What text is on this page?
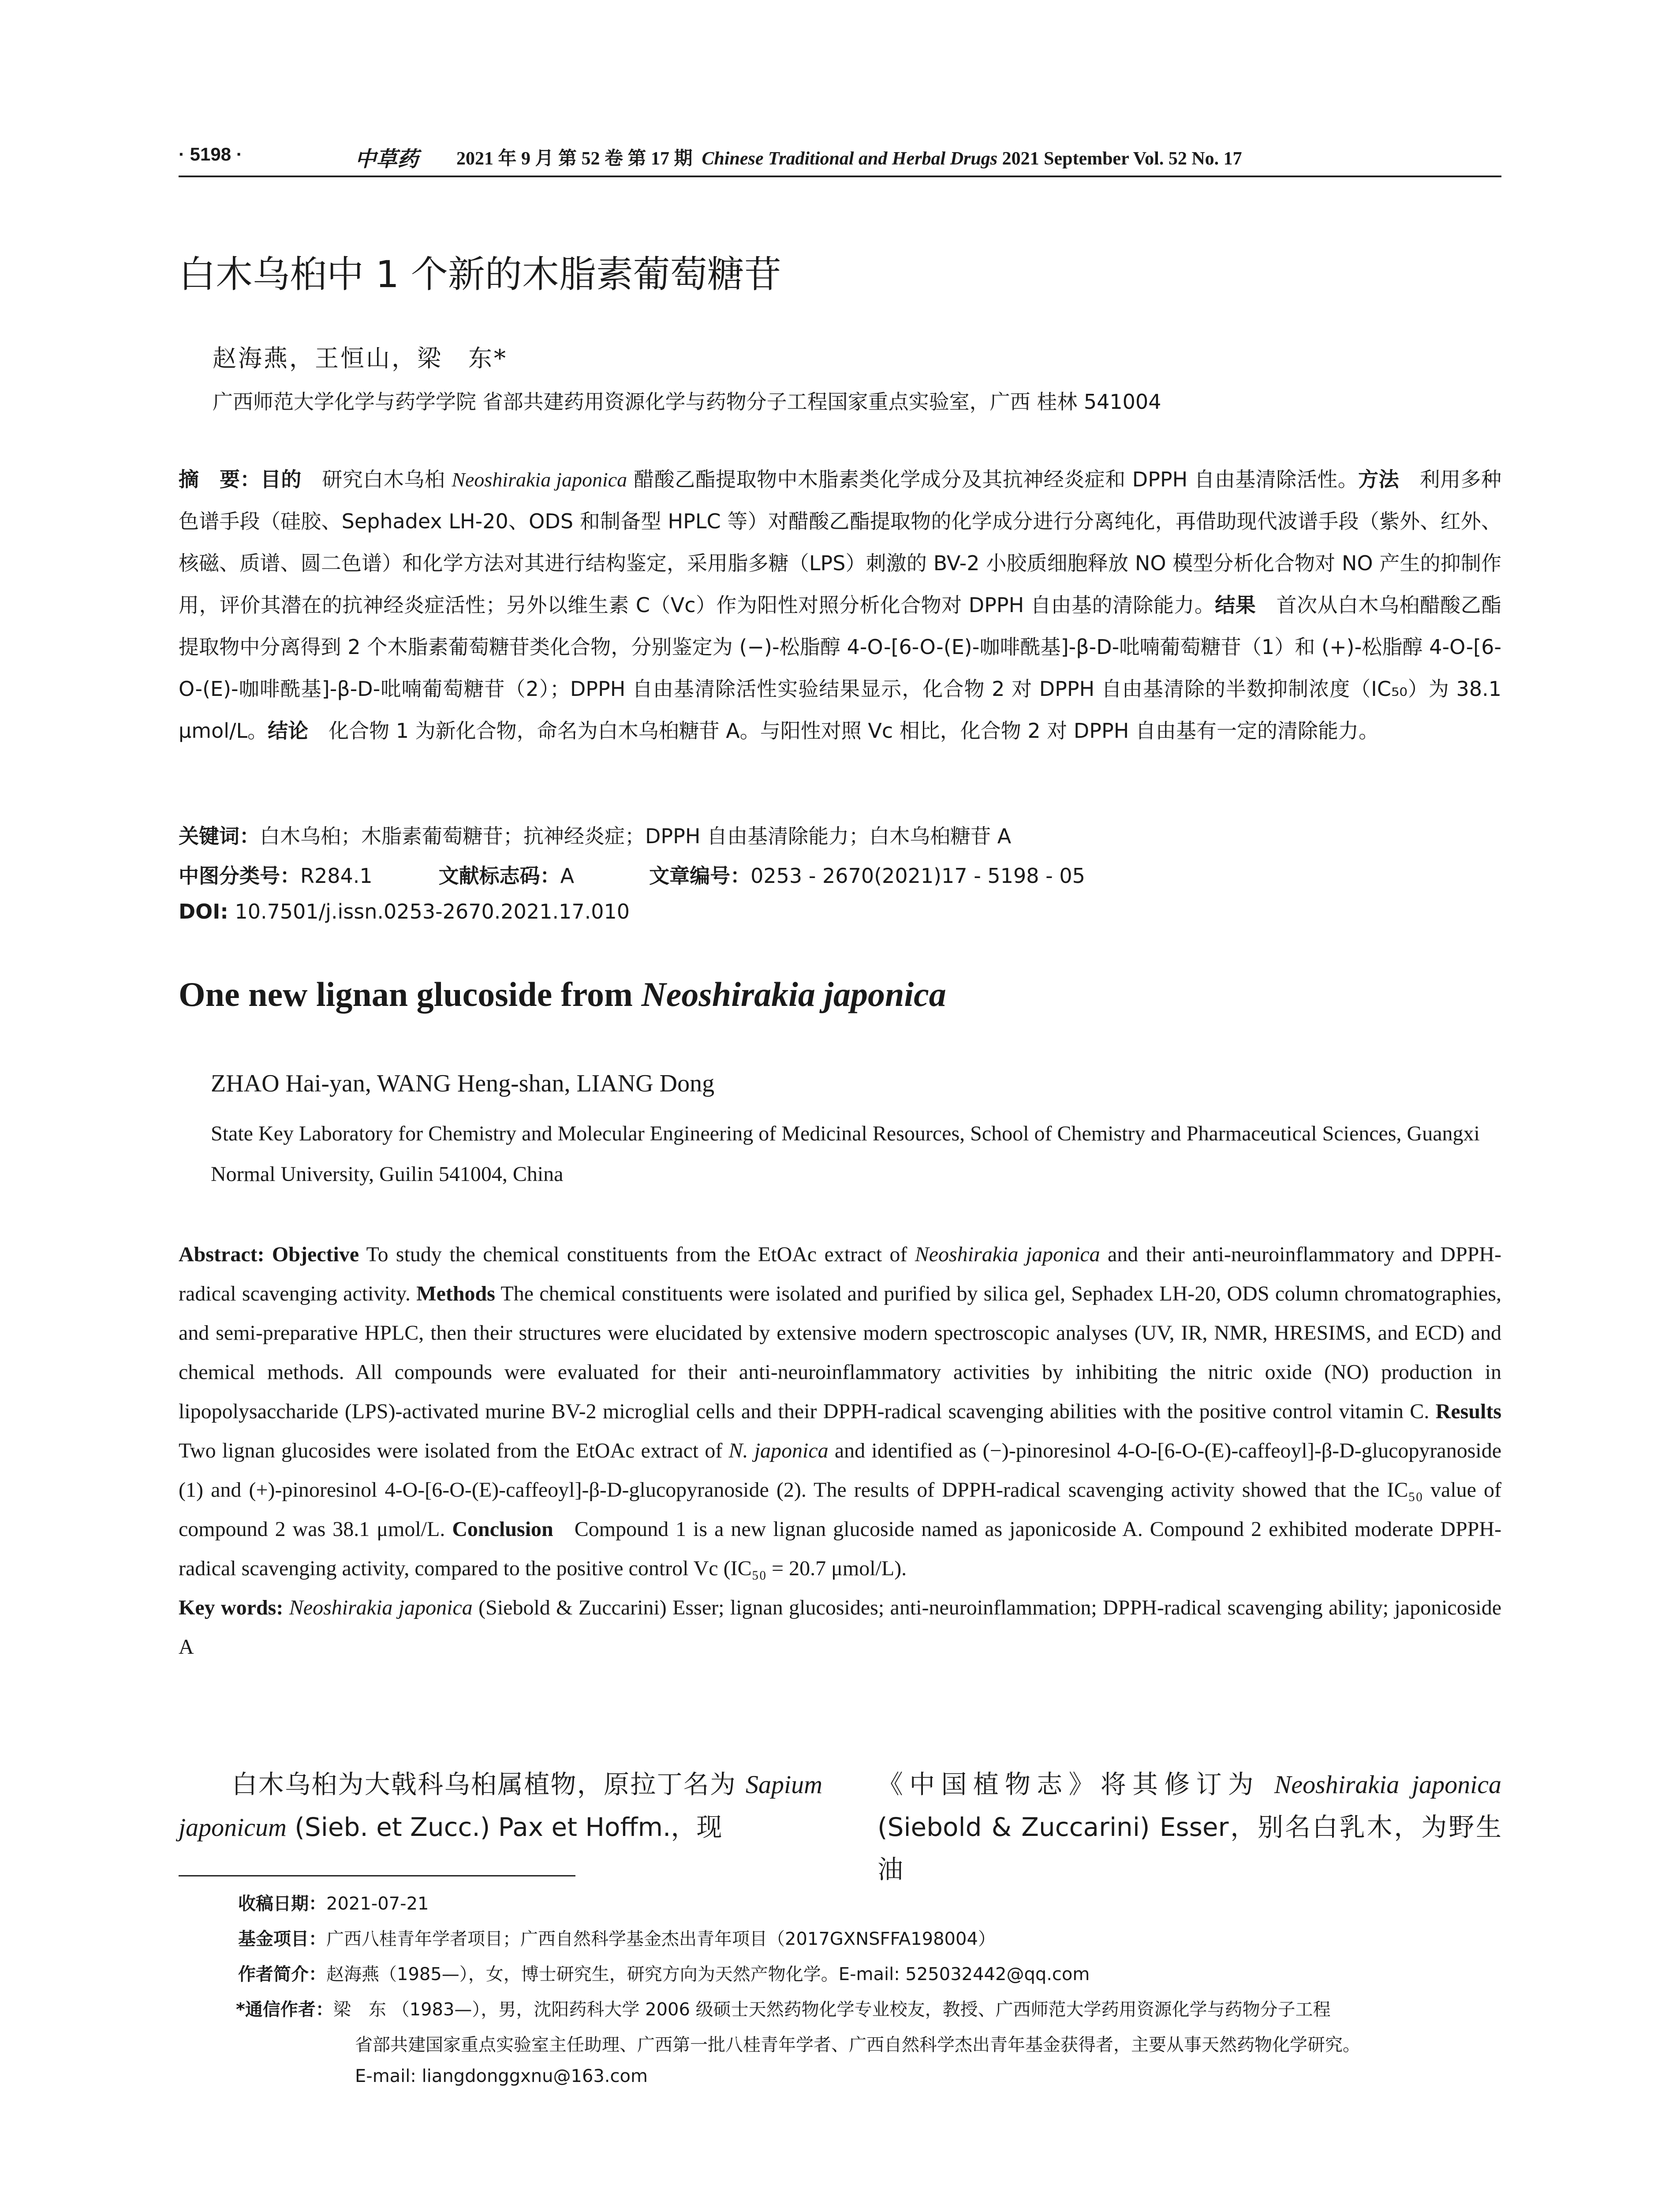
· 5198 ·	中草药 2021 年 9 月 第 52 卷 第 17 期 Chinese Traditional and Herbal Drugs 2021 September Vol. 52 No. 17
白木乌桕中 1 个新的木脂素葡萄糖苷
赵海燕，王恒山，梁　东*
广西师范大学化学与药学学院 省部共建药用资源化学与药物分子工程国家重点实验室，广西 桂林 541004
摘　要：目的　 研究白木乌桕 Neoshirakia japonica 醋酸乙酯提取物中木脂素类化学成分及其抗神经炎症和 DPPH 自由基清除活性。方法　 利用多种色谱手段（硅胶、Sephadex LH-20、ODS 和制备型 HPLC 等）对醋酸乙酯提取物的化学成分进行分离纯化，再借助现代波谱手段（紫外、红外、核磁、质谱、圆二色谱）和化学方法对其进行结构鉴定，采用脂多糖（LPS）刺激的 BV-2 小胶质细胞释放 NO 模型分析化合物对 NO 产生的抑制作用，评价其潜在的抗神经炎症活性；另外以维生素 C（Vc）作为阳性对照分析化合物对 DPPH 自由基的清除能力。结果　 首次从白木乌桕醋酸乙酯提取物中分离得到 2 个木脂素葡萄糖苷类化合物，分别鉴定为 (−)-松脂醇 4-O-[6-O-(E)-咖啡酰基]-β-D-吡喃葡萄糖苷（1）和 (+)-松脂醇 4-O-[6-O-(E)-咖啡酰基]-β-D-吡喃葡萄糖苷（2）；DPPH 自由基清除活性实验结果显示，化合物 2 对 DPPH 自由基清除的半数抑制浓度（IC₅₀）为 38.1 μmol/L。结论　 化合物 1 为新化合物，命名为白木乌桕糖苷 A。与阳性对照 Vc 相比，化合物 2 对 DPPH 自由基有一定的清除能力。
关键词：白木乌桕；木脂素葡萄糖苷；抗神经炎症；DPPH 自由基清除能力；白木乌桕糖苷 A
中图分类号：R284.1	文献标志码：A	文章编号：0253 - 2670(2021)17 - 5198 - 05
DOI: 10.7501/j.issn.0253-2670.2021.17.010
One new lignan glucoside from Neoshirakia japonica
ZHAO Hai-yan, WANG Heng-shan, LIANG Dong
State Key Laboratory for Chemistry and Molecular Engineering of Medicinal Resources, School of Chemistry and Pharmaceutical Sciences, Guangxi Normal University, Guilin 541004, China
Abstract: Objective To study the chemical constituents from the EtOAc extract of Neoshirakia japonica and their anti-neuroinflammatory and DPPH-radical scavenging activity. Methods The chemical constituents were isolated and purified by silica gel, Sephadex LH-20, ODS column chromatographies, and semi-preparative HPLC, then their structures were elucidated by extensive modern spectroscopic analyses (UV, IR, NMR, HRESIMS, and ECD) and chemical methods. All compounds were evaluated for their anti-neuroinflammatory activities by inhibiting the nitric oxide (NO) production in lipopolysaccharide (LPS)-activated murine BV-2 microglial cells and their DPPH-radical scavenging abilities with the positive control vitamin C. Results Two lignan glucosides were isolated from the EtOAc extract of N. japonica and identified as (−)-pinoresinol 4-O-[6-O-(E)-caffeoyl]-β-D-glucopyranoside (1) and (+)-pinoresinol 4-O-[6-O-(E)-caffeoyl]-β-D-glucopyranoside (2). The results of DPPH-radical scavenging activity showed that the IC₅₀ value of compound 2 was 38.1 μmol/L. Conclusion Compound 1 is a new lignan glucoside named as japonicoside A. Compound 2 exhibited moderate DPPH-radical scavenging activity, compared to the positive control Vc (IC₅₀ = 20.7 μmol/L).
Key words: Neoshirakia japonica (Siebold & Zuccarini) Esser; lignan glucosides; anti-neuroinflammation; DPPH-radical scavenging ability; japonicoside A
　　白木乌桕为大戟科乌桕属植物，原拉丁名为 Sapium japonicum (Sieb. et Zucc.) Pax et Hoffm.，现
《中国植物志》将其修订为 Neoshirakia japonica (Siebold & Zuccarini) Esser，别名白乳木，为野生油
收稿日期：2021-07-21
基金项目：广西八桂青年学者项目；广西自然科学基金杰出青年项目（2017GXNSFFA198004）
作者简介：赵海燕（1985—），女，博士研究生，研究方向为天然产物化学。E-mail: 525032442@qq.com
*通信作者：梁　东 （1983—），男，沈阳药科大学 2006 级硕士天然药物化学专业校友，教授、广西师范大学药用资源化学与药物分子工程
省部共建国家重点实验室主任助理、广西第一批八桂青年学者、广西自然科学杰出青年基金获得者，主要从事天然药物化学研究。
E-mail: liangdonggxnu@163.com
